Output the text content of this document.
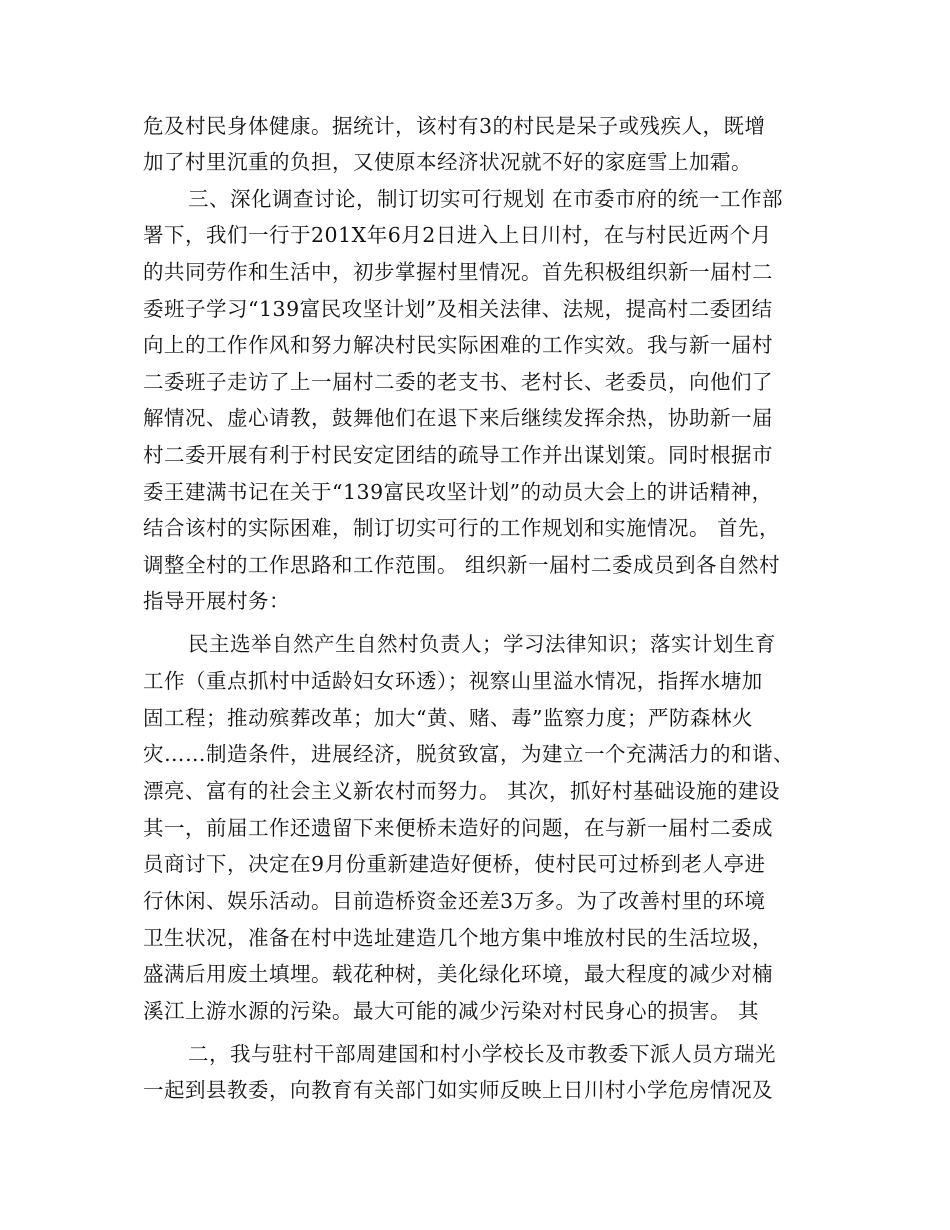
危及村民身体健康。据统计，该村有3的村民是呆子或残疾人，既增
加了村里沉重的负担，又使原本经济状况就不好的家庭雪上加霜。
三、深化调查讨论，制订切实可行规划 在市委市府的统一工作部
署下，我们一行于201X年6月2日进入上日川村，在与村民近两个月
的共同劳作和生活中，初步掌握村里情况。首先积极组织新一届村二
委班子学习“139富民攻坚计划”及相关法律、法规，提高村二委团结
向上的工作作风和努力解决村民实际困难的工作实效。我与新一届村
二委班子走访了上一届村二委的老支书、老村长、老委员，向他们了
解情况、虚心请教，鼓舞他们在退下来后继续发挥余热，协助新一届
村二委开展有利于村民安定团结的疏导工作并出谋划策。同时根据市
委王建满书记在关于“139富民攻坚计划”的动员大会上的讲话精神，
结合该村的实际困难，制订切实可行的工作规划和实施情况。 首先，
调整全村的工作思路和工作范围。 组织新一届村二委成员到各自然村
指导开展村务：
民主选举自然产生自然村负责人；学习法律知识；落实计划生育
工作（重点抓村中适龄妇女环透）；视察山里溢水情况，指挥水塘加
固工程；推动殡葬改革；加大“黄、赌、毒”监察力度；严防森林火
灾……制造条件，进展经济，脱贫致富，为建立一个充满活力的和谐、
漂亮、富有的社会主义新农村而努力。 其次，抓好村基础设施的建设
其一，前届工作还遗留下来便桥未造好的问题，在与新一届村二委成
员商讨下，决定在9月份重新建造好便桥，使村民可过桥到老人亭进
行休闲、娱乐活动。目前造桥资金还差3万多。为了改善村里的环境
卫生状况，准备在村中选址建造几个地方集中堆放村民的生活垃圾，
盛满后用废土填埋。载花种树，美化绿化环境，最大程度的减少对楠
溪江上游水源的污染。最大可能的减少污染对村民身心的损害。 其
二，我与驻村干部周建国和村小学校长及市教委下派人员方瑞光
一起到县教委，向教育有关部门如实师反映上日川村小学危房情况及
